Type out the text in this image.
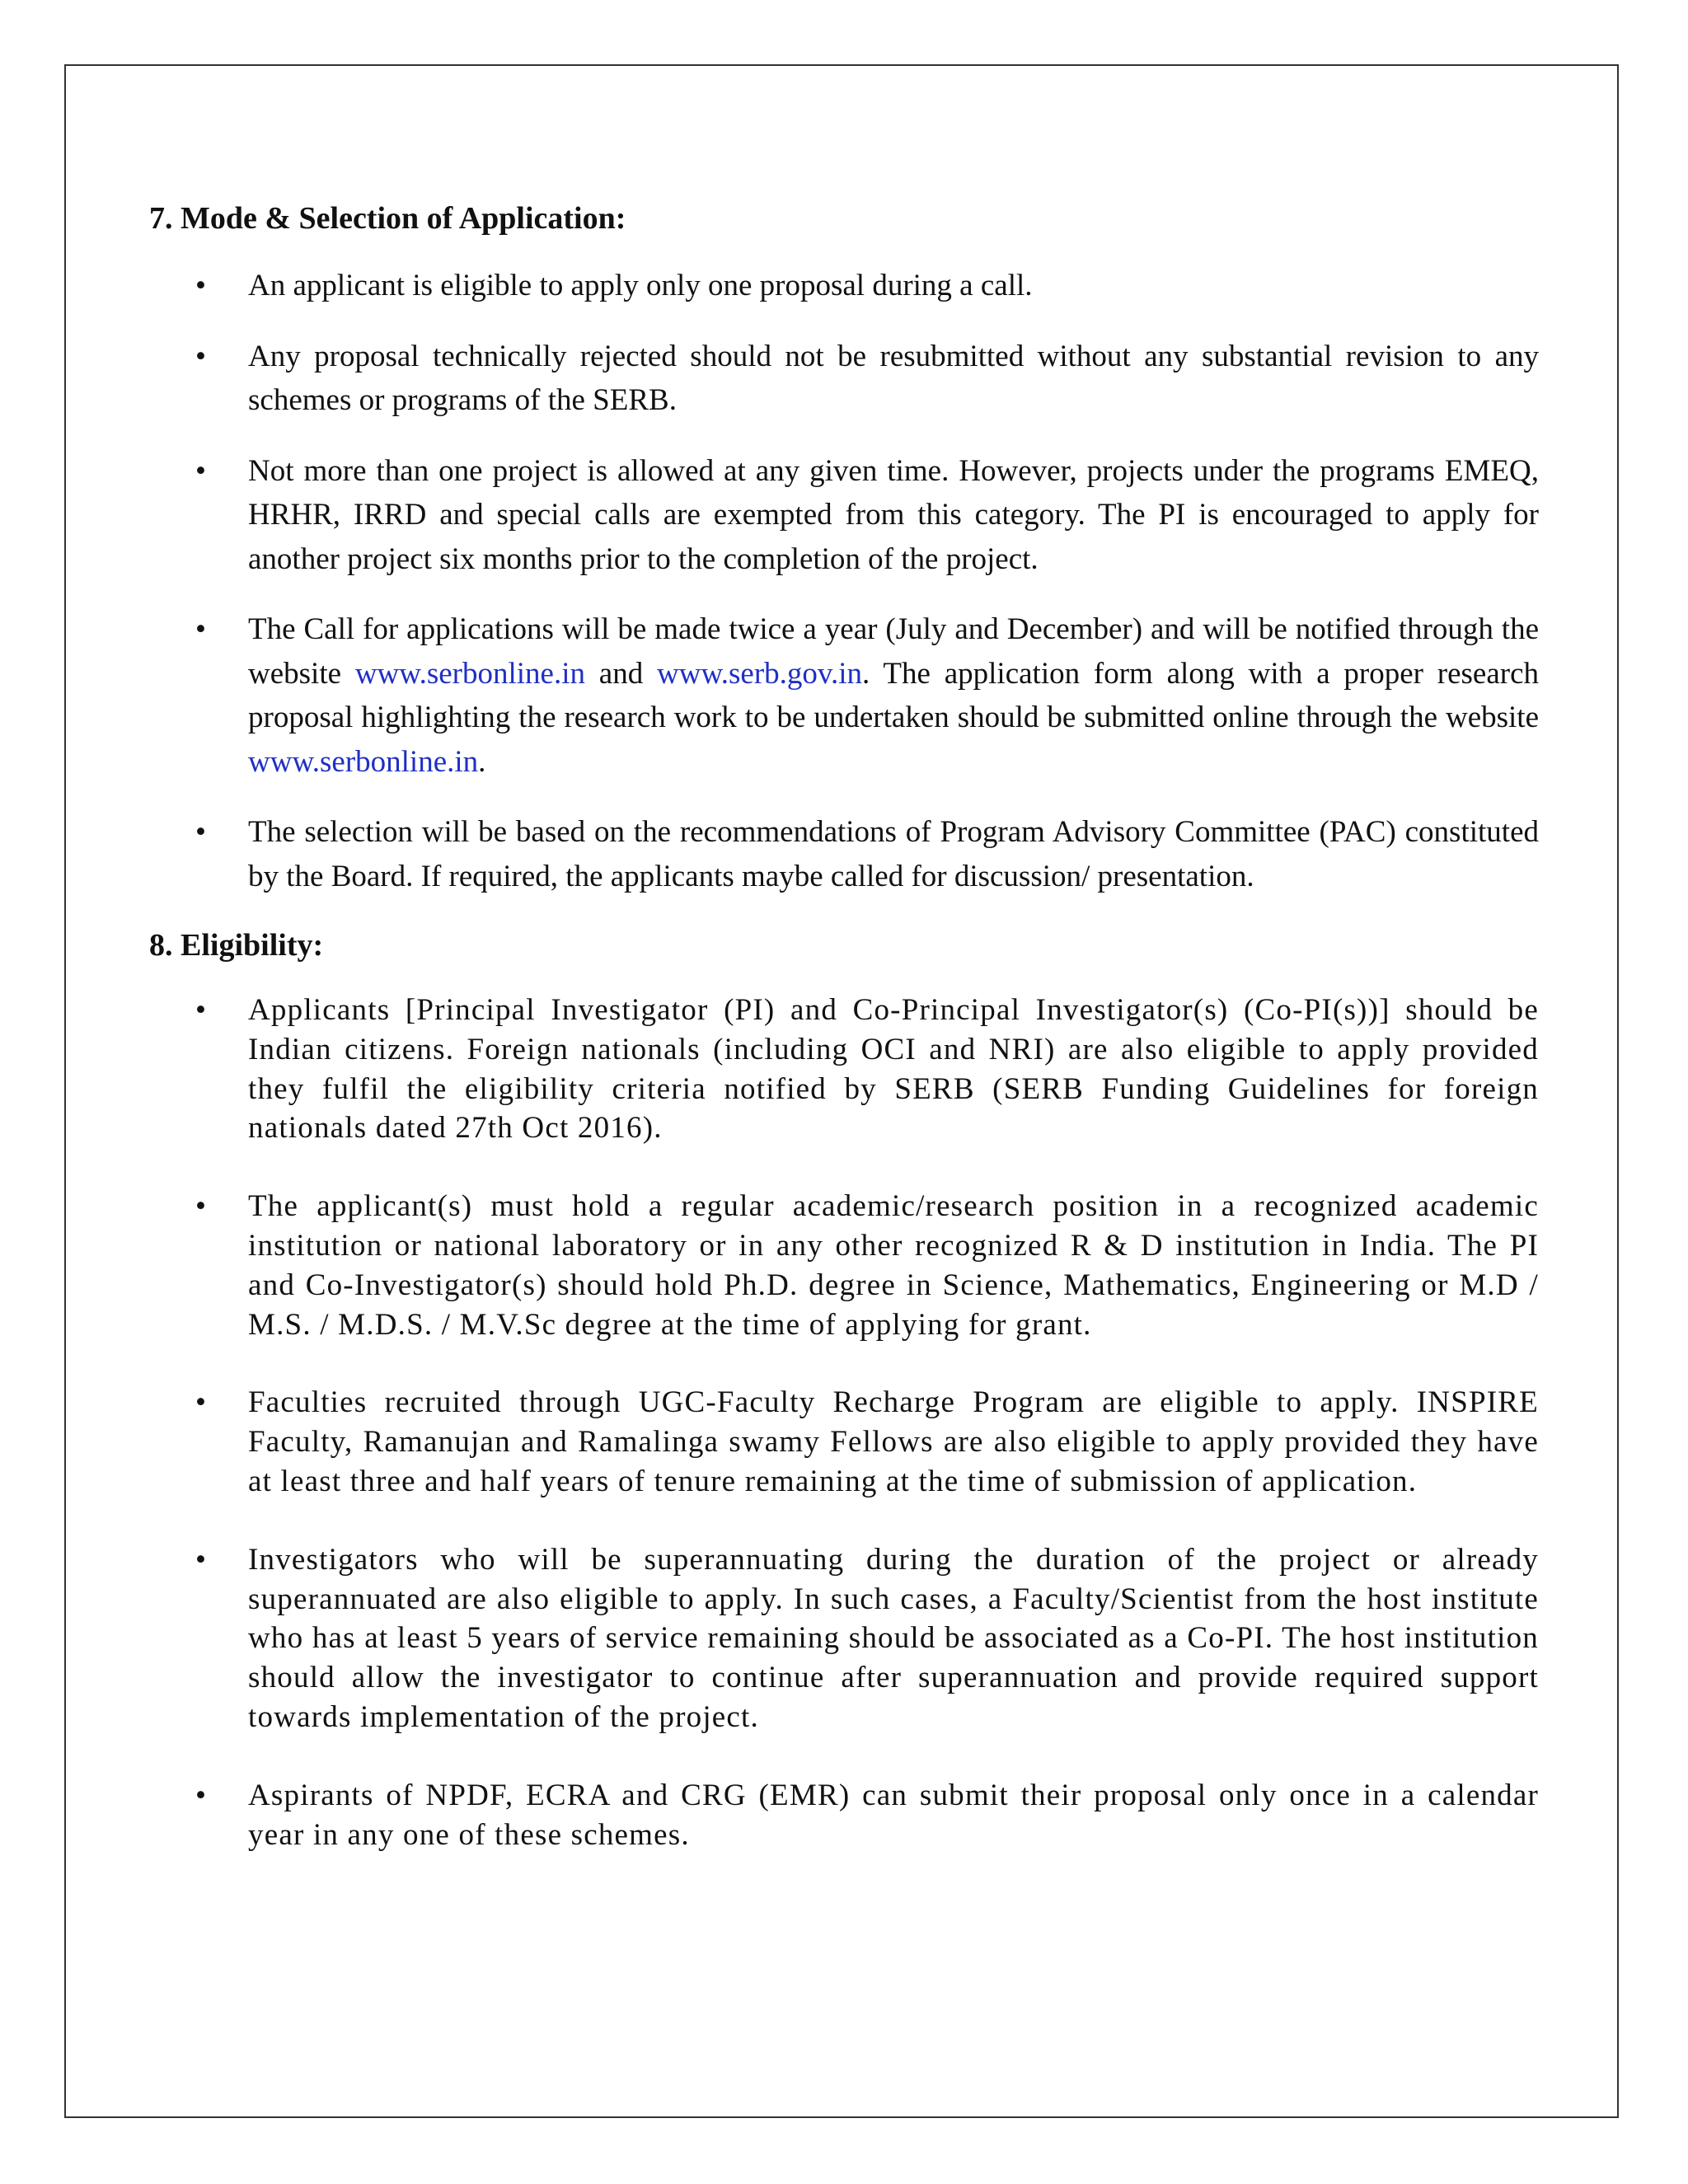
7. Mode & Selection of Application:
• An applicant is eligible to apply only one proposal during a call.
• Any proposal technically rejected should not be resubmitted without any substantial revision to any schemes or programs of the SERB.
• Not more than one project is allowed at any given time. However, projects under the programs EMEQ, HRHR, IRRD and special calls are exempted from this category. The PI is encouraged to apply for another project six months prior to the completion of the project.
• The Call for applications will be made twice a year (July and December) and will be notified through the website www.serbonline.in and www.serb.gov.in. The application form along with a proper research proposal highlighting the research work to be undertaken should be submitted online through the website www.serbonline.in.
• The selection will be based on the recommendations of Program Advisory Committee (PAC) constituted by the Board. If required, the applicants maybe called for discussion/ presentation.
8. Eligibility:
• Applicants [Principal Investigator (PI) and Co-Principal Investigator(s) (Co-PI(s))] should be Indian citizens. Foreign nationals (including OCI and NRI) are also eligible to apply provided they fulfil the eligibility criteria notified by SERB (SERB Funding Guidelines for foreign nationals dated 27th Oct 2016).
• The applicant(s) must hold a regular academic/research position in a recognized academic institution or national laboratory or in any other recognized R & D institution in India. The PI and Co-Investigator(s) should hold Ph.D. degree in Science, Mathematics, Engineering or M.D / M.S. / M.D.S. / M.V.Sc degree at the time of applying for grant.
• Faculties recruited through UGC-Faculty Recharge Program are eligible to apply. INSPIRE Faculty, Ramanujan and Ramalinga swamy Fellows are also eligible to apply provided they have at least three and half years of tenure remaining at the time of submission of application.
• Investigators who will be superannuating during the duration of the project or already superannuated are also eligible to apply. In such cases, a Faculty/Scientist from the host institute who has at least 5 years of service remaining should be associated as a Co-PI. The host institution should allow the investigator to continue after superannuation and provide required support towards implementation of the project.
• Aspirants of NPDF, ECRA and CRG (EMR) can submit their proposal only once in a calendar year in any one of these schemes.
